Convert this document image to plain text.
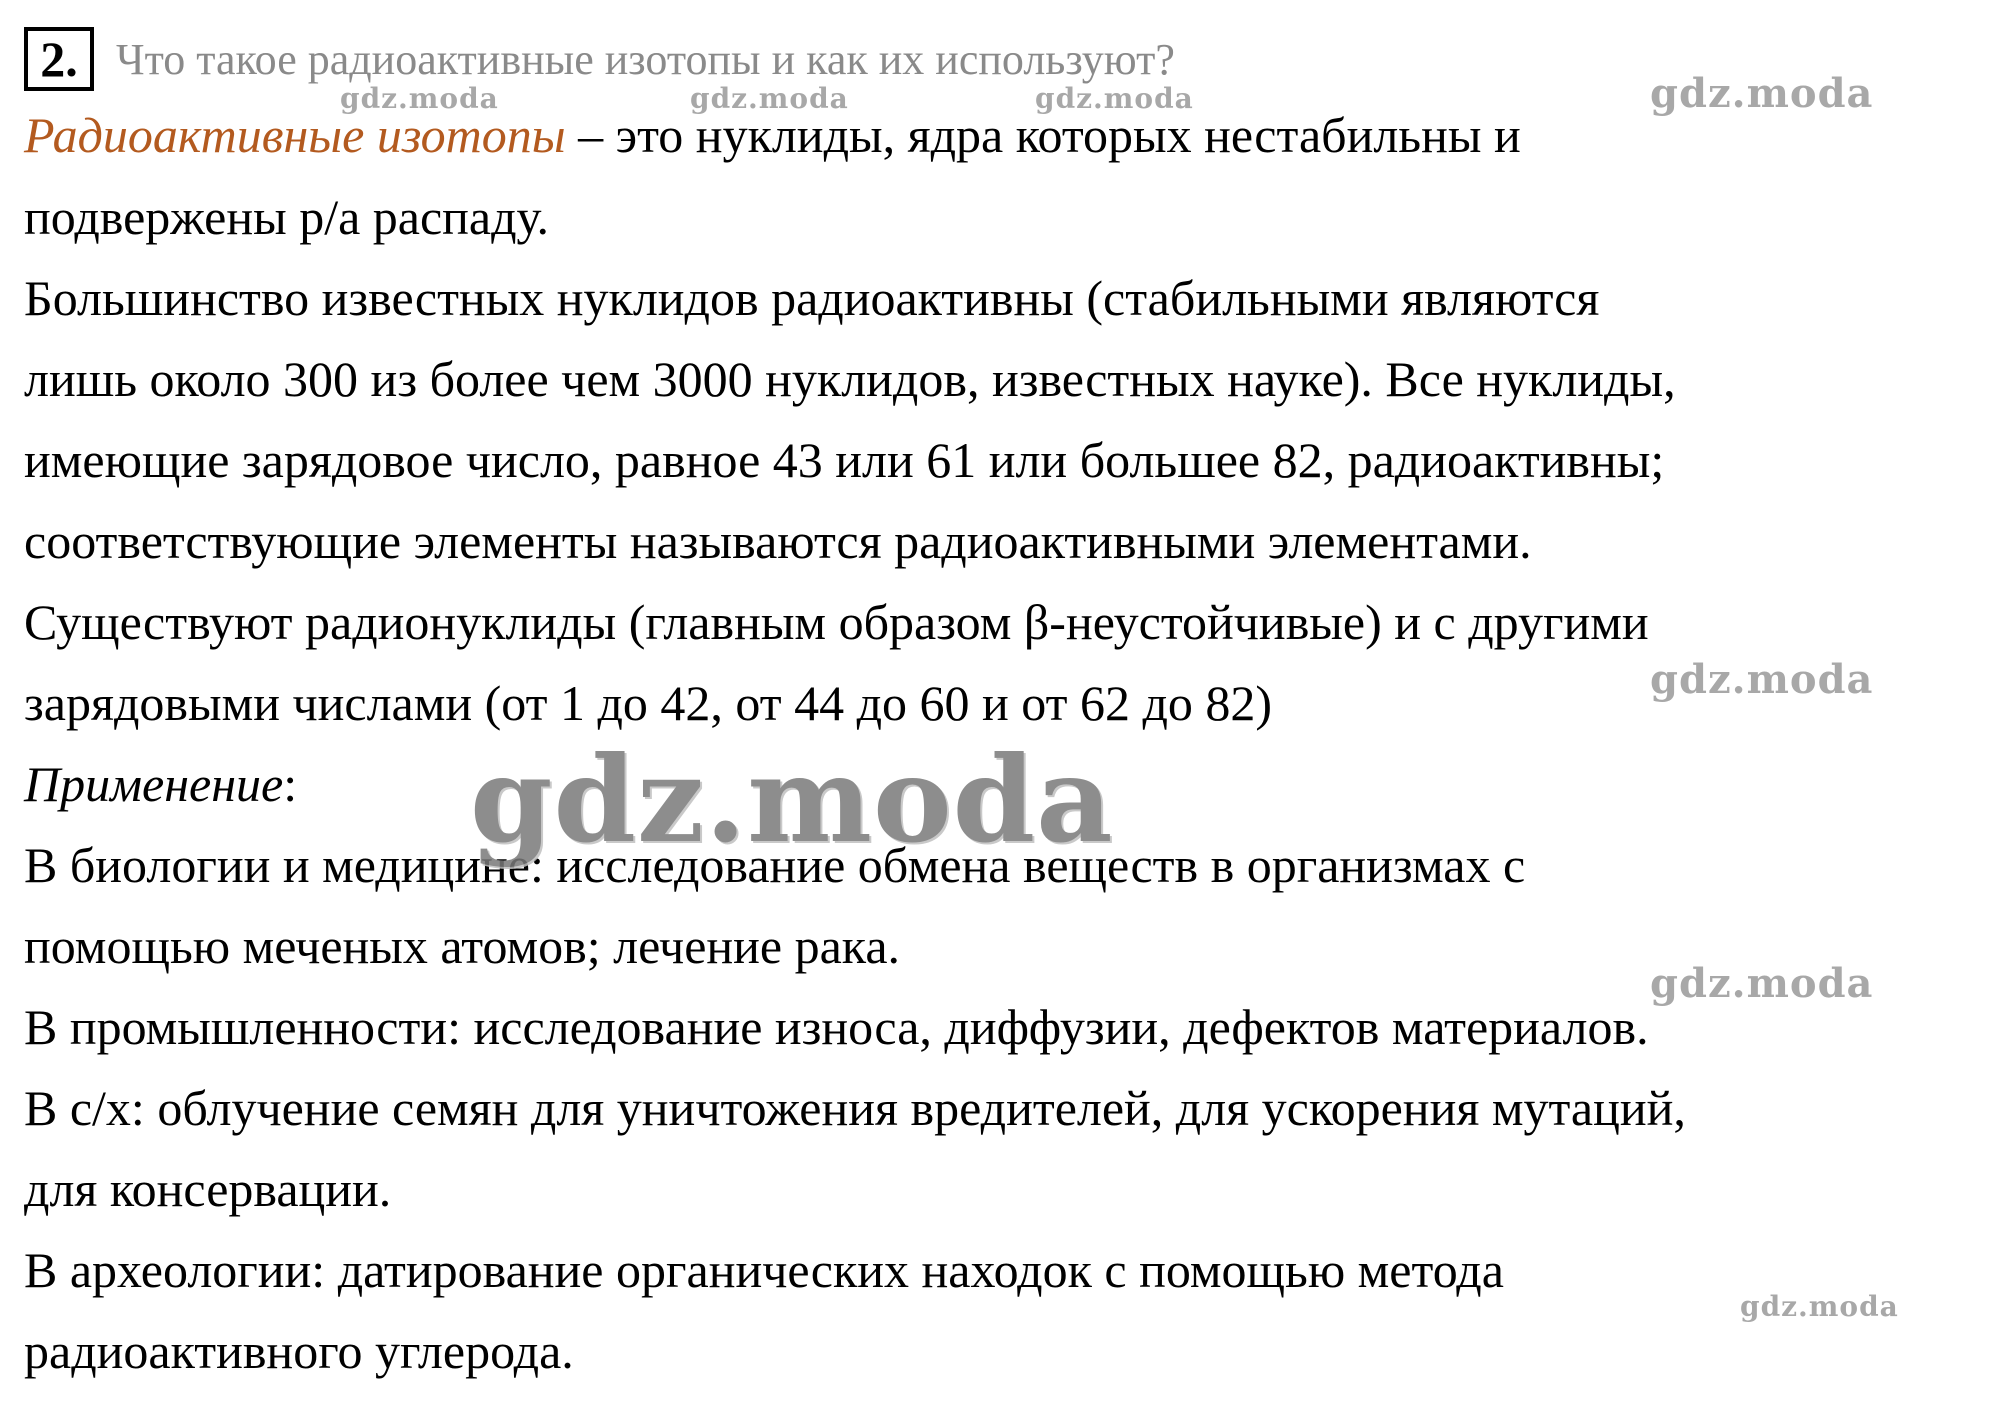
2. Что такое радиоактивные изотопы и как их используют?
Радиоактивные изотопы – это нуклиды, ядра которых нестабильны и
подвержены р/а распаду.
Большинство известных нуклидов радиоактивны (стабильными являются
лишь около 300 из более чем 3000 нуклидов, известных науке). Все нуклиды,
имеющие зарядовое число, равное 43 или 61 или большее 82, радиоактивны;
соответствующие элементы называются радиоактивными элементами.
Существуют радионуклиды (главным образом β-неустойчивые) и с другими
зарядовыми числами (от 1 до 42, от 44 до 60 и от 62 до 82)
Применение:
В биологии и медицине: исследование обмена веществ в организмах с
помощью меченых атомов; лечение рака.
В промышленности: исследование износа, диффузии, дефектов материалов.
В с/х: облучение семян для уничтожения вредителей, для ускорения мутаций,
для консервации.
В археологии: датирование органических находок с помощью метода
радиоактивного углерода.
gdz.moda	gdz.moda	gdz.moda	gdz.moda
gdz.moda
gdz.moda
gdz.moda
gdz.moda
